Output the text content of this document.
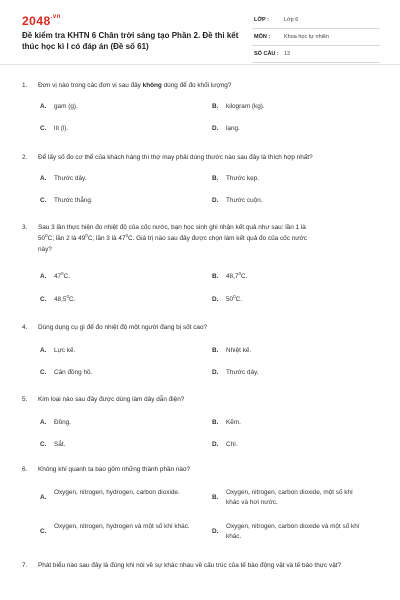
$2048^{.vn}$
Đề kiểm tra KHTN 6 Chân trời sáng tạo Phần 2. Đề thi kết thúc học kì I có đáp án (Đề số 61)
LỚP :	Lớp 6
MÔN :	Khoa học tự nhiên
SỐ CÂU : 13
1. Đơn vị nào trong các đơn vị sau đây không dùng để đo khối lượng?
A.	gam (g).	B.	kilogram (kg).
C.	lít (l).	D.	lạng.
2. Để lấy số đo cơ thể của khách hàng thì thợ may phải dùng thước nào sau đây là thích hợp nhất?
A.	Thước dây.	B.	Thước kẹp.
C.	Thước thẳng.	D.	Thước cuộn.
3. Sau 3 lần thực hiện đo nhiệt độ của cốc nước, bạn học sinh ghi nhận kết quả như sau: lần 1 là
$50^0C$; lần 2 là $49^0C$; lần 3 là $47^0C$. Giá trị nào sau đây được chọn làm kết quả đo của cốc nước
này?
A.	$47^0C$.	B.	48,7$^0$C.
C.	48,5$^0$C.	D.	$50^0C$.
4. Dùng dụng cụ gì để đo nhiệt độ một người đang bị sốt cao?
A.	Lực kế.	B.	Nhiệt kế.
C.	Cân đồng hồ.	D.	Thước dây.
5. Kim loại nào sau đây được dùng làm dây dẫn điện?
A.	Đồng.	B.	Kẽm.
C.	Sắt.	D.	Chì.
6. Không khí quanh ta bao gồm những thành phần nào?
A.
Oxygen, nitrogen, hydrogen, carbon dioxide.
B.
Oxygen, nitrogen, carbon dioxide, một số khí khác và hơi nước.
C.
Oxygen, nitrogen, hydrogen và một số khí khác.
D.
Oxygen, nitrogen, carbon dioxide và một số khí khác.
7. Phát biểu nào sau đây là đúng khi nói về sự khác nhau về cấu trúc của tế bào động vật và tế bào thực vật?
